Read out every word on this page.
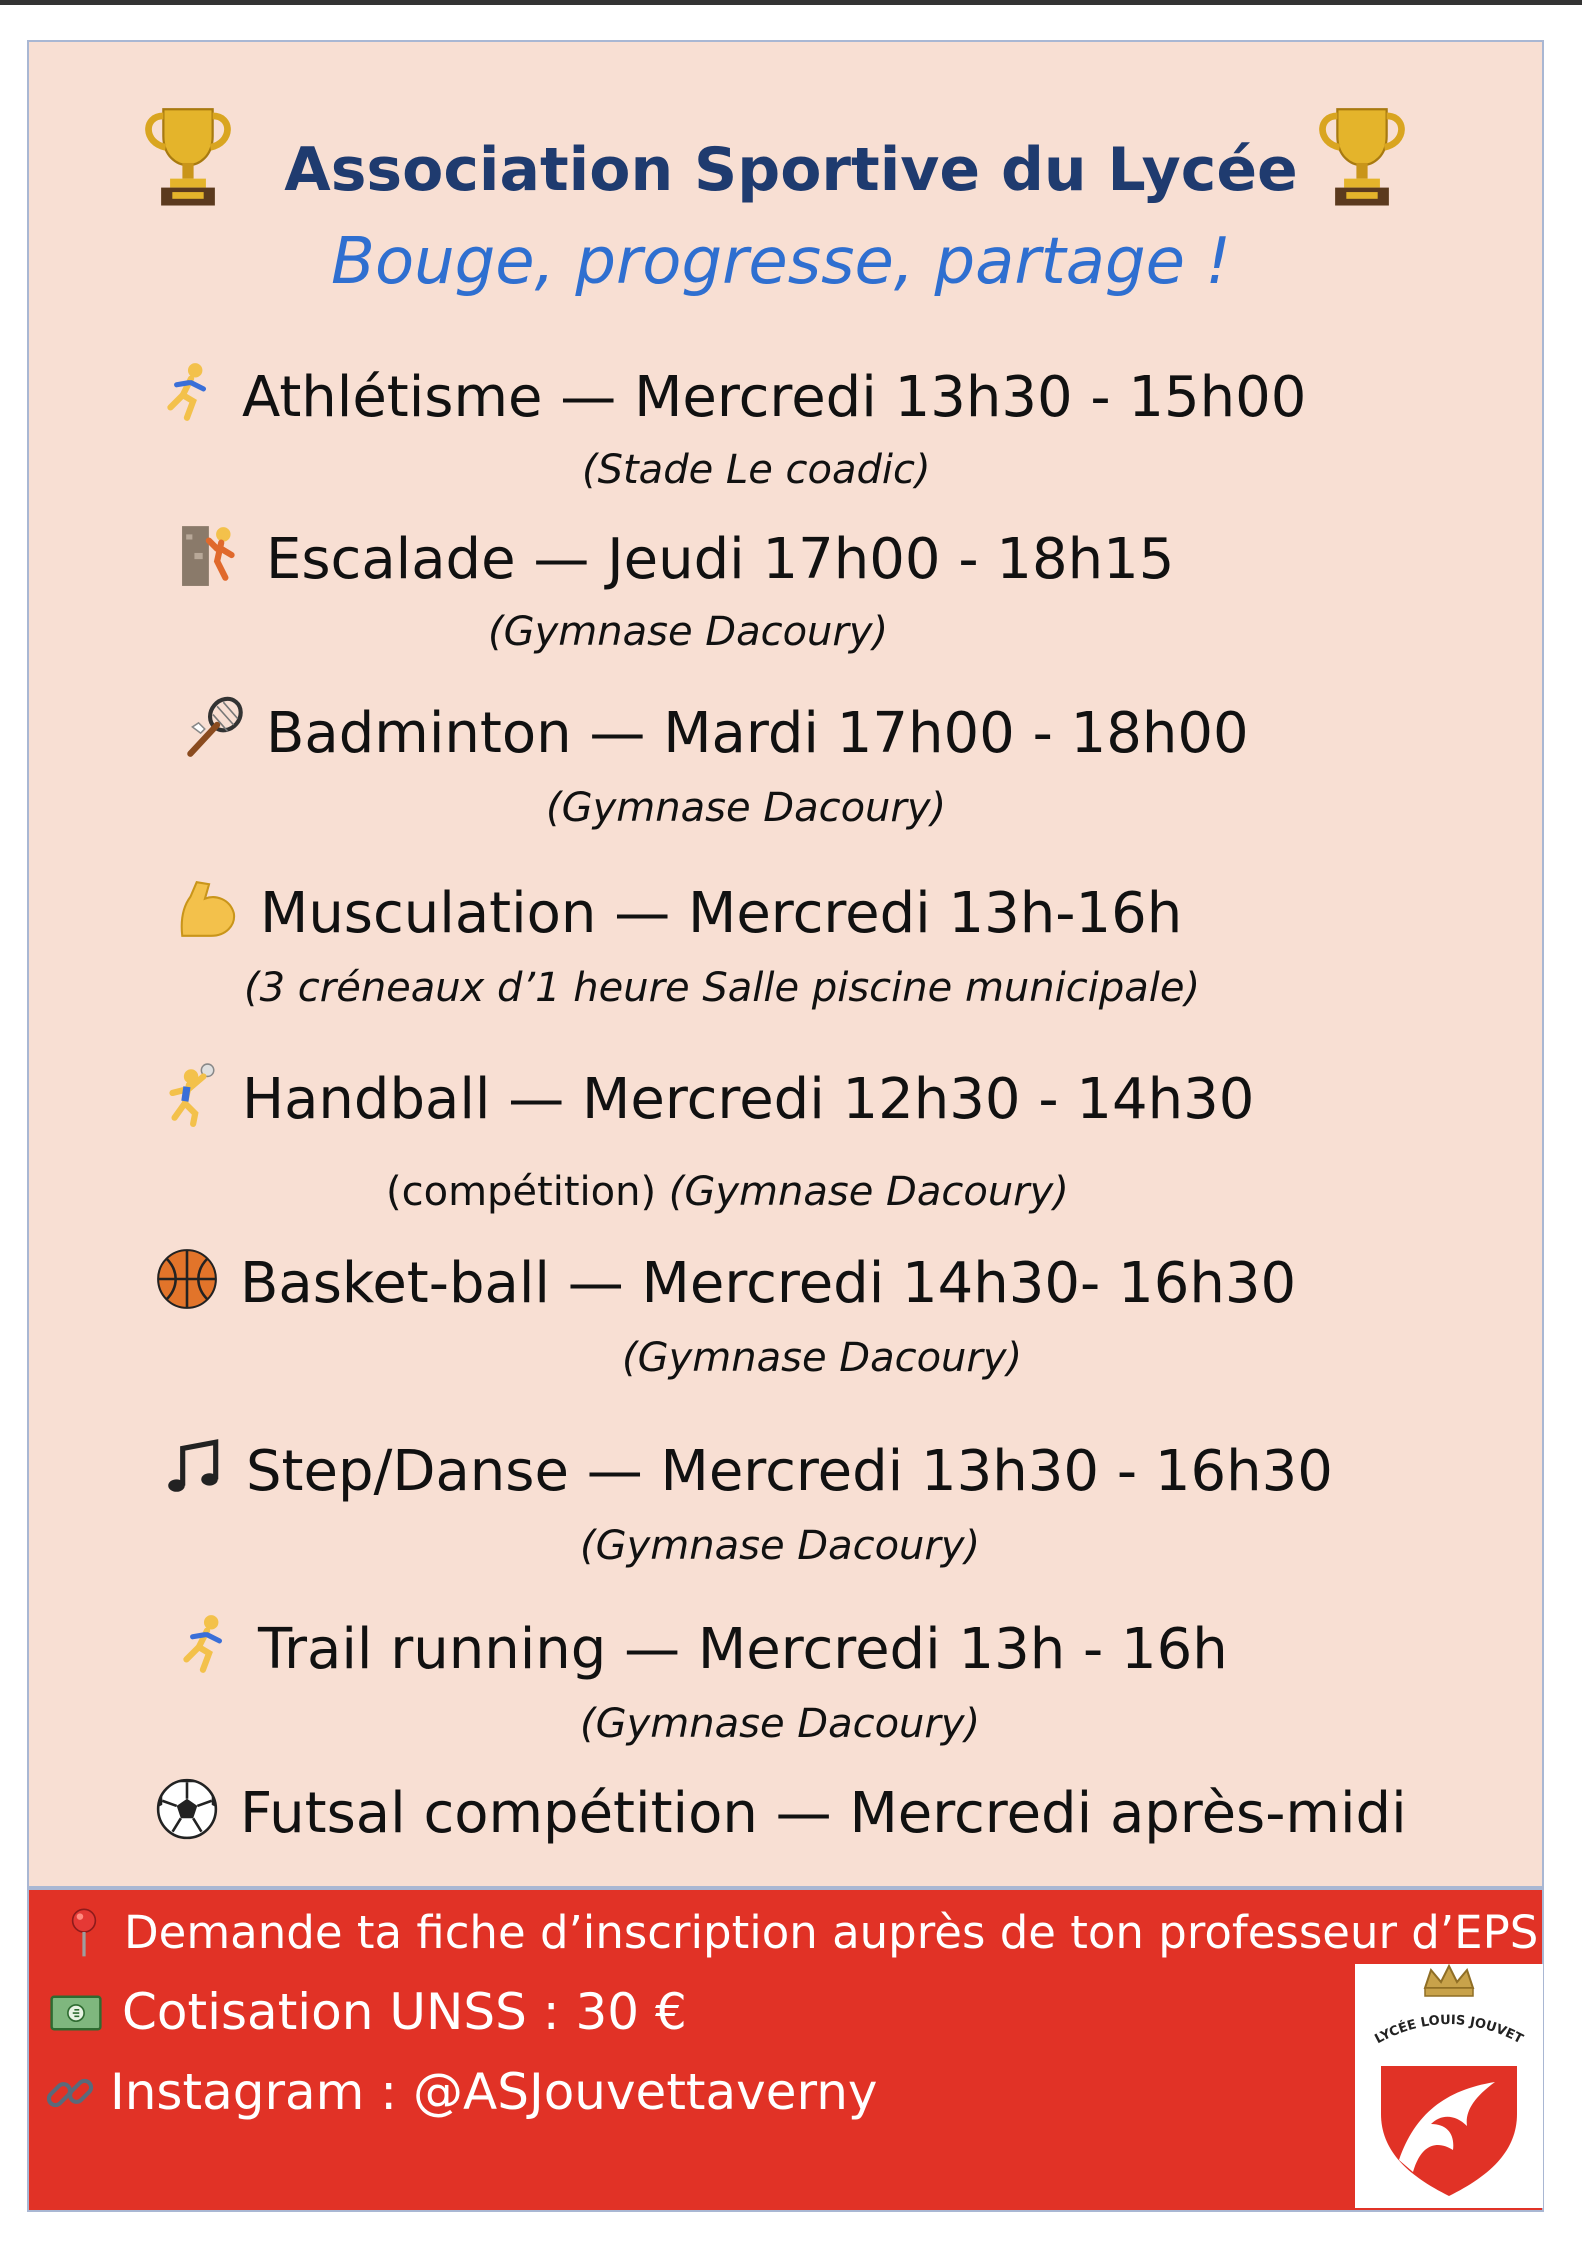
Association Sportive du Lycée
Bouge, progresse, partage !
Athlétisme — Mercredi 13h30 - 15h00
(Stade Le coadic)
Escalade — Jeudi 17h00 - 18h15
(Gymnase Dacoury)
Badminton — Mardi 17h00 - 18h00
(Gymnase Dacoury)
Musculation — Mercredi 13h-16h
(3 créneaux d’1 heure Salle piscine municipale)
Handball — Mercredi 12h30 - 14h30
(compétition) (Gymnase Dacoury)
Basket-ball — Mercredi 14h30- 16h30
(Gymnase Dacoury)
Step/Danse — Mercredi 13h30 - 16h30
(Gymnase Dacoury)
Trail running — Mercredi 13h - 16h
(Gymnase Dacoury)
Futsal compétition — Mercredi après-midi
Demande ta fiche d’inscription auprès de ton professeur d’EPS
Cotisation UNSS : 30 €
Instagram : @ASJouvettaverny
LYCÉE LOUIS JOUVET
